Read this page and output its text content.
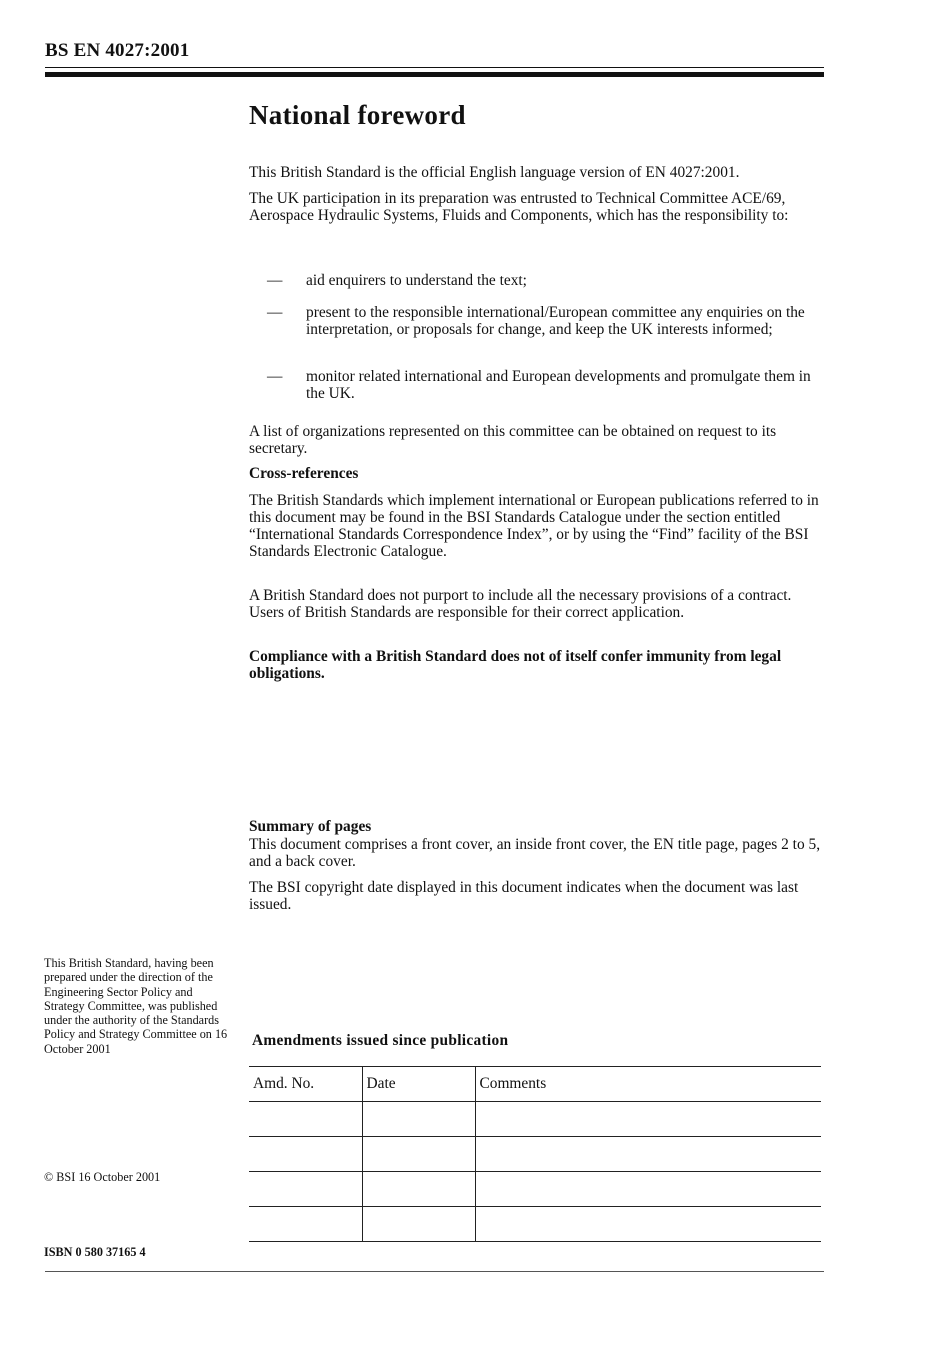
BS EN 4027:2001
National foreword

This British Standard is the official English language version of EN 4027:2001.

The UK participation in its preparation was entrusted to Technical Committee ACE/69, Aerospace Hydraulic Systems, Fluids and Components, which has the responsibility to:

— aid enquirers to understand the text;
— present to the responsible international/European committee any enquiries on the interpretation, or proposals for change, and keep the UK interests informed;
— monitor related international and European developments and promulgate them in the UK.

A list of organizations represented on this committee can be obtained on request to its secretary.

Cross-references

The British Standards which implement international or European publications referred to in this document may be found in the BSI Standards Catalogue under the section entitled “International Standards Correspondence Index”, or by using the “Find” facility of the BSI Standards Electronic Catalogue.

A British Standard does not purport to include all the necessary provisions of a contract. Users of British Standards are responsible for their correct application.

Compliance with a British Standard does not of itself confer immunity from legal obligations.
Summary of pages

This document comprises a front cover, an inside front cover, the EN title page, pages 2 to 5, and a back cover.

The BSI copyright date displayed in this document indicates when the document was last issued.

This British Standard, having been prepared under the direction of the Engineering Sector Policy and Strategy Committee, was published under the authority of the Standards Policy and Strategy Committee on 16 October 2001
© BSI 16 October 2001
Amendments issued since publication
Amd. No.	Date	Comments

ISBN 0 580 37165 4
